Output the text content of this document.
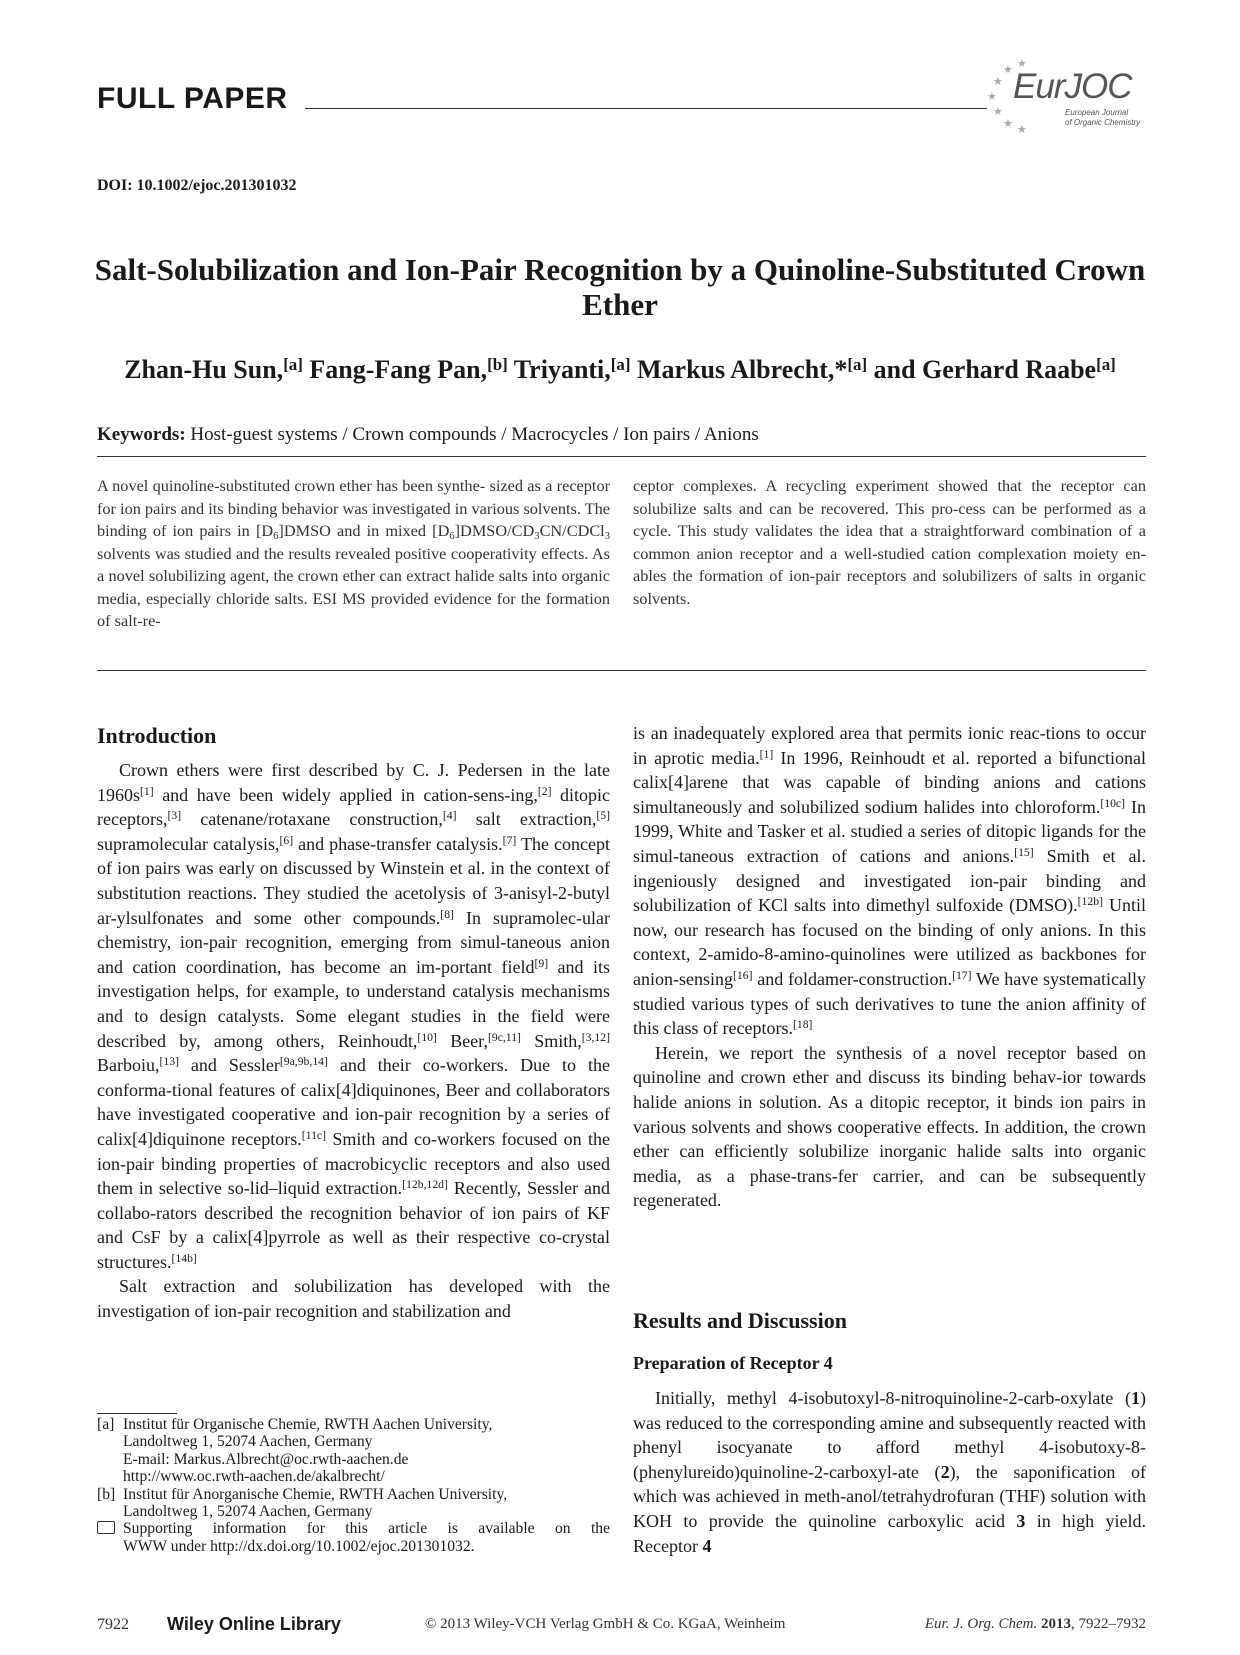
FULL PAPER	★
★
★
★
★
★
★
EurJOC
European Journal
of Organic Chemistry
DOI: 10.1002/ejoc.201301032
Salt-Solubilization and Ion-Pair Recognition by a Quinoline-Substituted Crown Ether
Zhan-Hu Sun,[a] Fang-Fang Pan,[b] Triyanti,[a] Markus Albrecht,*[a] and Gerhard Raabe[a]
Keywords: Host-guest systems / Crown compounds / Macrocycles / Ion pairs / Anions
A novel quinoline-substituted crown ether has been synthe- sized as a receptor for ion pairs and its binding behavior was investigated in various solvents. The binding of ion pairs in $[D_6]DMSO$ and in mixed $[D_6]DMSO/CD_3CN/CDCl_3$ solvents was studied and the results revealed positive cooperativity effects. As a novel solubilizing agent, the crown ether can extract halide salts into organic media, especially chloride salts. ESI MS provided evidence for the formation of salt-re-
ceptor complexes. A recycling experiment showed that the receptor can solubilize salts and can be recovered. This pro-cess can be performed as a cycle. This study validates the idea that a straightforward combination of a common anion receptor and a well-studied cation complexation moiety en-ables the formation of ion-pair receptors and solubilizers of salts in organic solvents.
Introduction

Crown ethers were first described by C. J. Pedersen in the late 1960s[1] and have been widely applied in cation-sens-ing,[2] ditopic receptors,[3] catenane/rotaxane construction,[4] salt extraction,[5] supramolecular catalysis,[6] and phase-transfer catalysis.[7] The concept of ion pairs was early on discussed by Winstein et al. in the context of substitution reactions. They studied the acetolysis of 3-anisyl-2-butyl ar-ylsulfonates and some other compounds.[8] In supramolec-ular chemistry, ion-pair recognition, emerging from simul-taneous anion and cation coordination, has become an im-portant field[9] and its investigation helps, for example, to understand catalysis mechanisms and to design catalysts. Some elegant studies in the field were described by, among others, Reinhoudt,[10] Beer,[9c,11] Smith,[3,12] Barboiu,[13] and Sessler[9a,9b,14] and their co-workers. Due to the conforma-tional features of calix[4]diquinones, Beer and collaborators have investigated cooperative and ion-pair recognition by a series of calix[4]diquinone receptors.[11c] Smith and co-workers focused on the ion-pair binding properties of macrobicyclic receptors and also used them in selective so-lid–liquid extraction.[12b,12d] Recently, Sessler and collabo-rators described the recognition behavior of ion pairs of KF and CsF by a calix[4]pyrrole as well as their respective co-crystal structures.[14b]

Salt extraction and solubilization has developed with the investigation of ion-pair recognition and stabilization and

is an inadequately explored area that permits ionic reac-tions to occur in aprotic media.[1] In 1996, Reinhoudt et al. reported a bifunctional calix[4]arene that was capable of binding anions and cations simultaneously and solubilized sodium halides into chloroform.[10c] In 1999, White and Tasker et al. studied a series of ditopic ligands for the simul-taneous extraction of cations and anions.[15] Smith et al. ingeniously designed and investigated ion-pair binding and solubilization of KCl salts into dimethyl sulfoxide (DMSO).[12b] Until now, our research has focused on the binding of only anions. In this context, 2-amido-8-amino-quinolines were utilized as backbones for anion-sensing[16] and foldamer-construction.[17] We have systematically studied various types of such derivatives to tune the anion affinity of this class of receptors.[18]

Herein, we report the synthesis of a novel receptor based on quinoline and crown ether and discuss its binding behav-ior towards halide anions in solution. As a ditopic receptor, it binds ion pairs in various solvents and shows cooperative effects. In addition, the crown ether can efficiently solubilize inorganic halide salts into organic media, as a phase-trans-fer carrier, and can be subsequently regenerated.

Results and Discussion
Preparation of Receptor 4

Initially, methyl 4-isobutoxyl-8-nitroquinoline-2-carb-oxylate (1) was reduced to the corresponding amine and subsequently reacted with phenyl isocyanate to afford methyl 4-isobutoxy-8-(phenylureido)quinoline-2-carboxyl-ate (2), the saponification of which was achieved in meth-anol/tetrahydrofuran (THF) solution with KOH to provide the quinoline carboxylic acid 3 in high yield. Receptor 4

[a] Institut für Organische Chemie, RWTH Aachen University,
Landoltweg 1, 52074 Aachen, Germany
E-mail: Markus.Albrecht@oc.rwth-aachen.de
http://www.oc.rwth-aachen.de/akalbrecht/
[b] Institut für Anorganische Chemie, RWTH Aachen University,
Landoltweg 1, 52074 Aachen, Germany
Supporting information for this article is available on the
WWW under http://dx.doi.org/10.1002/ejoc.201301032.
7922 Wiley Online Library	© 2013 Wiley-VCH Verlag GmbH & Co. KGaA, Weinheim	Eur. J. Org. Chem. 2013, 7922–7932
